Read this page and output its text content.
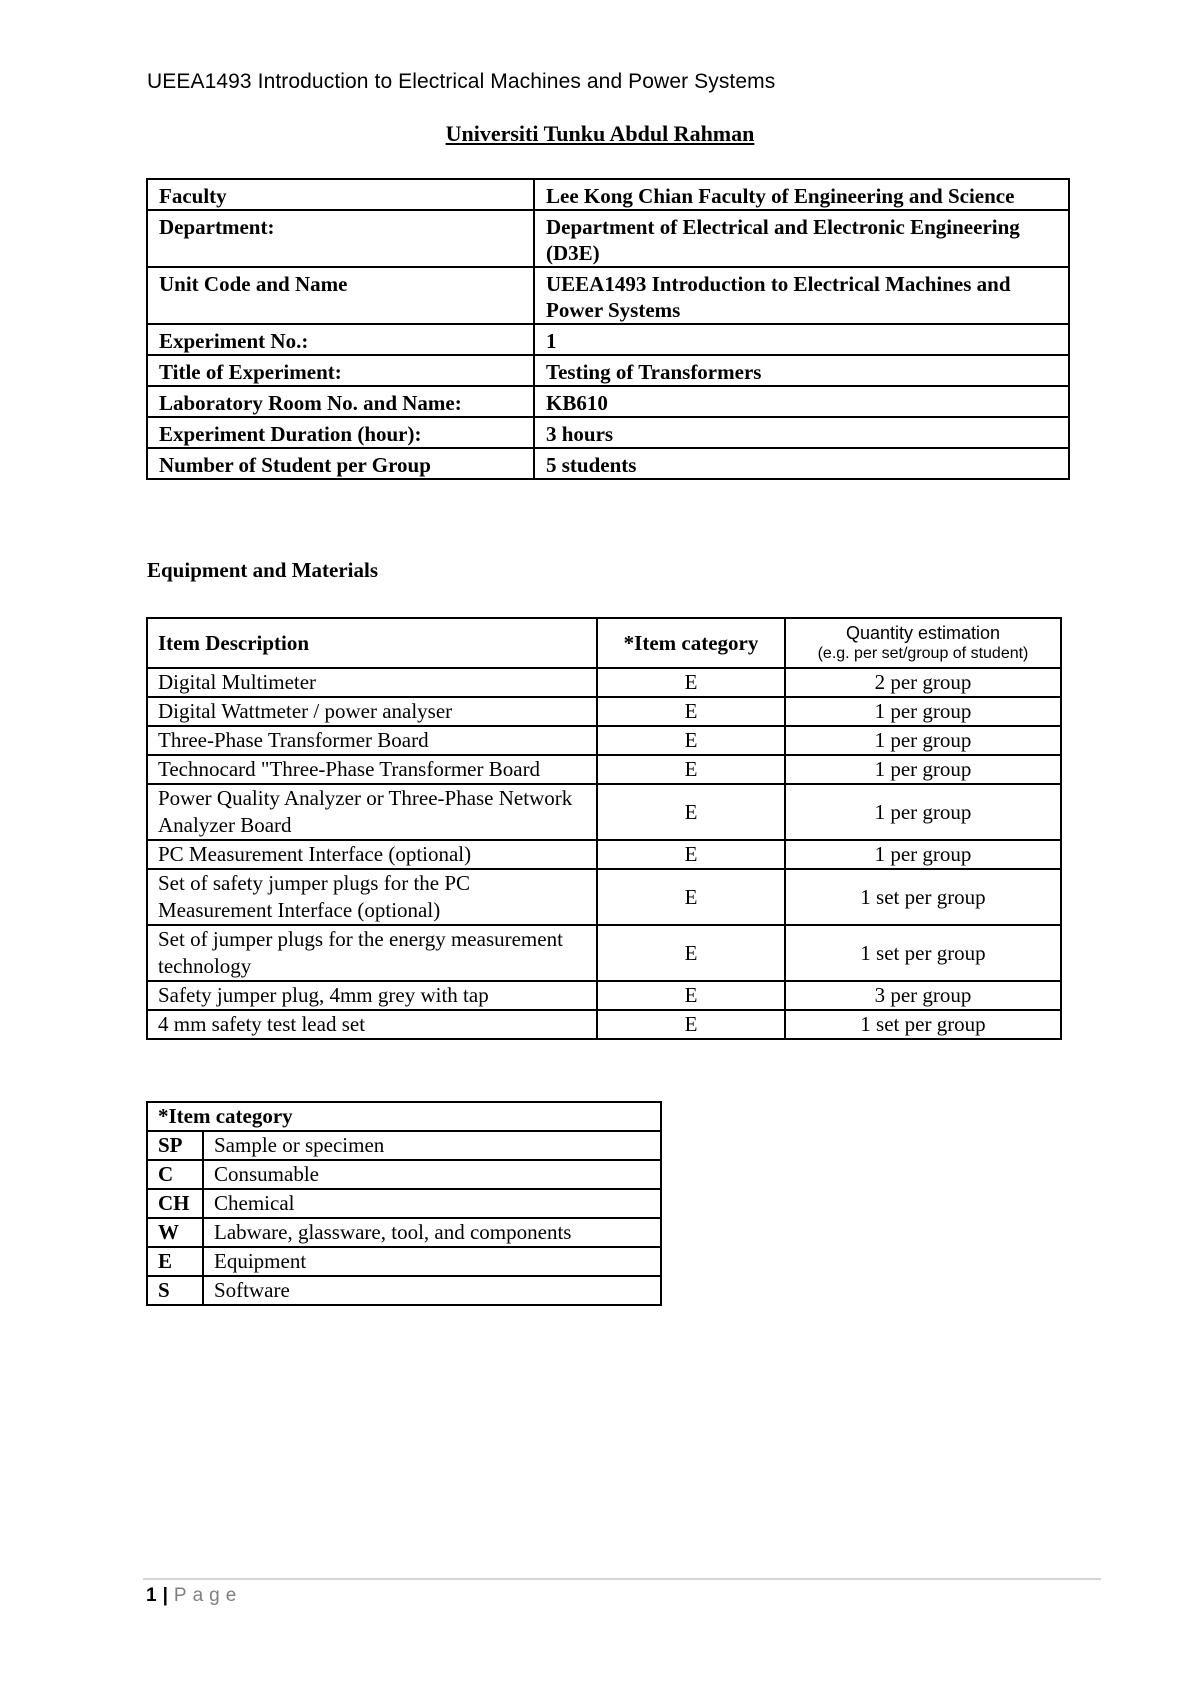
UEEA1493 Introduction to Electrical Machines and Power Systems
Universiti Tunku Abdul Rahman
Faculty	Lee Kong Chian Faculty of Engineering and Science
Department:	Department of Electrical and Electronic Engineering (D3E)
Unit Code and Name	UEEA1493 Introduction to Electrical Machines and Power Systems
Experiment No.:	1
Title of Experiment:	Testing of Transformers
Laboratory Room No. and Name:	KB610
Experiment Duration (hour):	3 hours
Number of Student per Group	5 students
Equipment and Materials
Item Description	*Item category	Quantity estimation
(e.g. per set/group of student)

Digital Multimeter	E	2 per group
Digital Wattmeter / power analyser	E	1 per group
Three-Phase Transformer Board	E	1 per group
Technocard "Three-Phase Transformer Board	E	1 per group
Power Quality Analyzer or Three-Phase Network Analyzer Board	E	1 per group
PC Measurement Interface (optional)	E	1 per group
Set of safety jumper plugs for the PC Measurement Interface (optional)	E	1 set per group
Set of jumper plugs for the energy measurement technology	E	1 set per group
Safety jumper plug, 4mm grey with tap	E	3 per group
4 mm safety test lead set	E	1 set per group
*Item category	
SP	Sample or specimen
C	Consumable
CH	Chemical
W	Labware, glassware, tool, and components
E	Equipment
S	Software
1 | Page
